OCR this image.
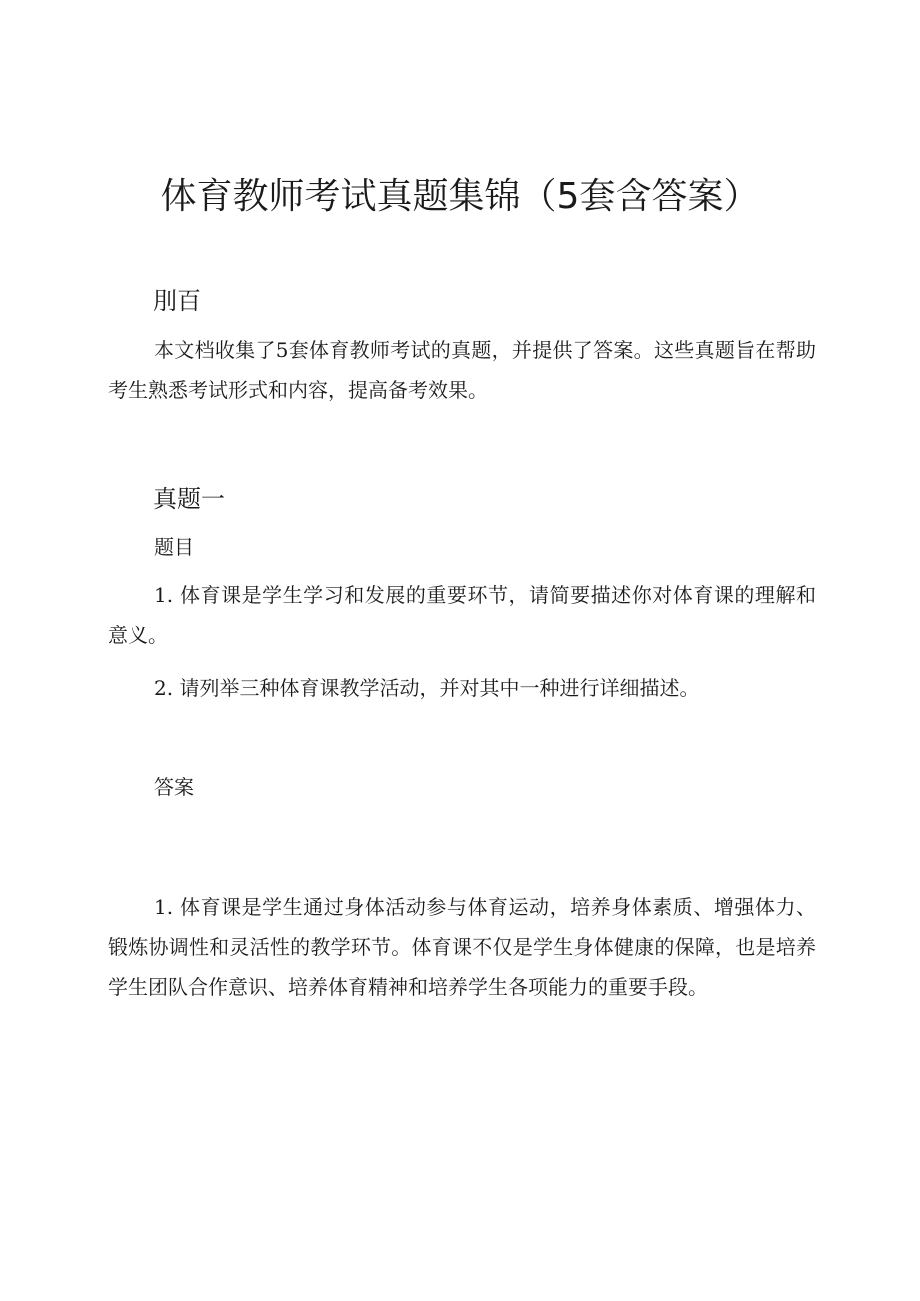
体育教师考试真题集锦（5套含答案）
刖百

本文档收集了5套体育教师考试的真题，并提供了答案。这些真题旨在帮助考生熟悉考试形式和内容，提高备考效果。

真题一

题目

1. 体育课是学生学习和发展的重要环节，请简要描述你对体育课的理解和意义。

2. 请列举三种体育课教学活动，并对其中一种进行详细描述。

答案

1. 体育课是学生通过身体活动参与体育运动，培养身体素质、增强体力、锻炼协调性和灵活性的教学环节。体育课不仅是学生身体健康的保障，也是培养学生团队合作意识、培养体育精神和培养学生各项能力的重要手段。
